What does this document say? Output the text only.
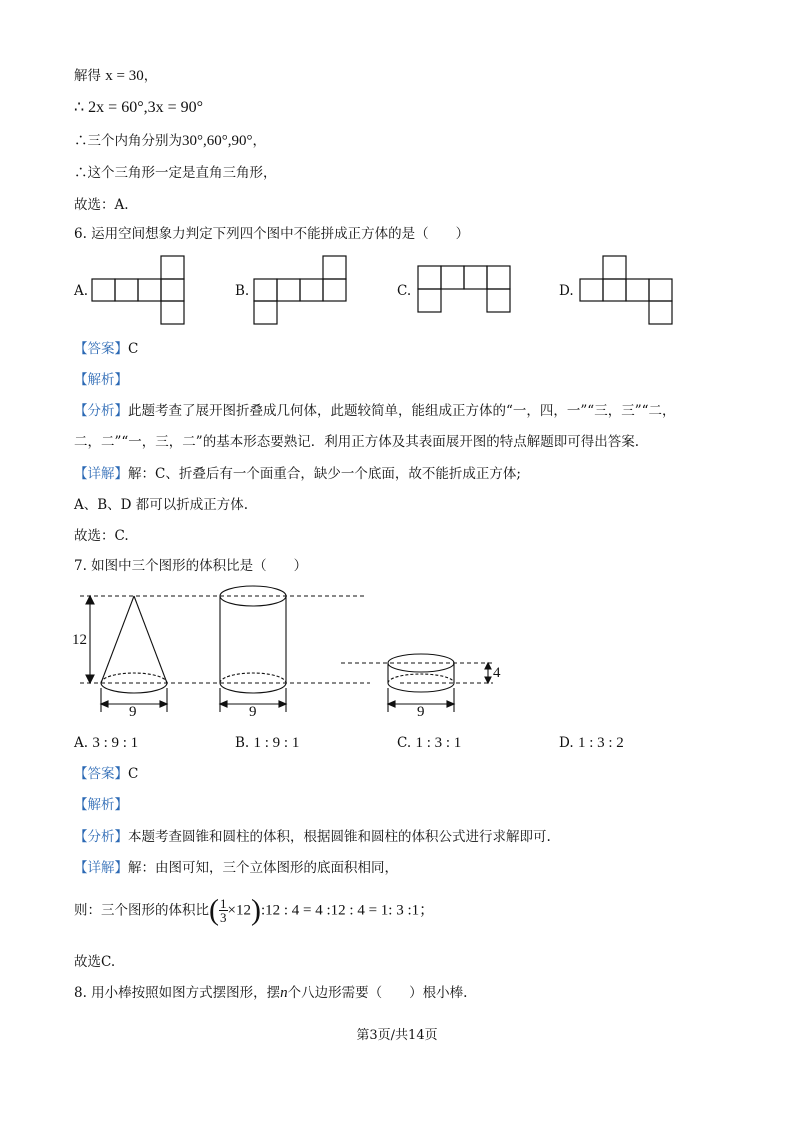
解得 x = 30，
∴ 2x = 60°,3x = 90°
∴三个内角分别为30°,60°,90°，
∴这个三角形一定是直角三角形，
故选：A.
6. 运用空间想象力判定下列四个图中不能拼成正方体的是（　　）
A.	B.	C.	D.
【答案】C
【解析】
【分析】此题考查了展开图折叠成几何体，此题较简单，能组成正方体的“一，四，一”“三，三”“二，
二，二”“一，三，二”的基本形态要熟记．利用正方体及其表面展开图的特点解题即可得出答案.
【详解】解：C、折叠后有一个面重合，缺少一个底面，故不能折成正方体;
A、B、D 都可以折成正方体.
故选：C.
7. 如图中三个图形的体积比是（　　）
12
4
9	9	9
A. 3 : 9 : 1	B. 1 : 9 : 1	C. 1 : 3 : 1	D. 1 : 3 : 2
【答案】C
【解析】
【分析】本题考查圆锥和圆柱的体积，根据圆锥和圆柱的体积公式进行求解即可.
【详解】解：由图可知，三个立体图形的底面积相同，
则：三个图形的体积比( $\frac{1}{3}$ ×12):12 : 4 = 4 :12 : 4 = 1: 3 :1；
故选C.
8. 用小棒按照如图方式摆图形，摆n个八边形需要（　　）根小棒.
第3页/共14页
